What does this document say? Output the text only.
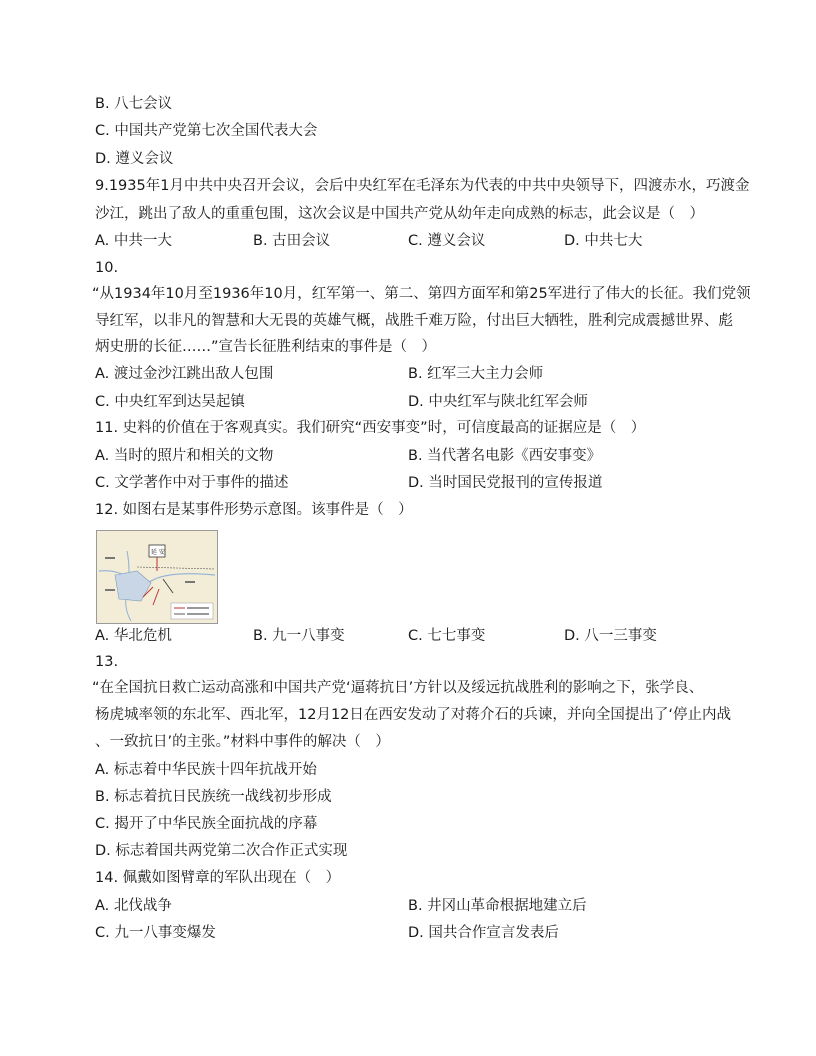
B. 八七会议
C. 中国共产党第七次全国代表大会
D. 遵义会议
9.1935年1月中共中央召开会议，会后中央红军在毛泽东为代表的中共中央领导下，四渡赤水，巧渡金
沙江，跳出了敌人的重重包围，这次会议是中国共产党从幼年走向成熟的标志，此会议是（　）
A. 中共一大	B. 古田会议	C. 遵义会议	D. 中共七大
10.
“从1934年10月至1936年10月，红军第一、第二、第四方面军和第25军进行了伟大的长征。我们党领
导红军，以非凡的智慧和大无畏的英雄气概，战胜千难万险，付出巨大牺牲，胜利完成震撼世界、彪
炳史册的长征……”宣告长征胜利结束的事件是（　）
A. 渡过金沙江跳出敌人包围	B. 红军三大主力会师
C. 中央红军到达吴起镇	D. 中央红军与陕北红军会师
11. 史料的价值在于客观真实。我们研究“西安事变”时，可信度最高的证据应是（　）
A. 当时的照片和相关的文物	B. 当代著名电影《西安事变》
C. 文学著作中对于事件的描述	D. 当时国民党报刊的宣传报道
12. 如图右是某事件形势示意图。该事件是（　）
延 安
A. 华北危机	B. 九一八事变	C. 七七事变	D. 八一三事变
13.
“在全国抗日救亡运动高涨和中国共产党‘逼蒋抗日’方针以及绥远抗战胜利的影响之下，张学良、
杨虎城率领的东北军、西北军，12月12日在西安发动了对蒋介石的兵谏，并向全国提出了‘停止内战
、一致抗日’的主张。”材料中事件的解决（　）
A. 标志着中华民族十四年抗战开始
B. 标志着抗日民族统一战线初步形成
C. 揭开了中华民族全面抗战的序幕
D. 标志着国共两党第二次合作正式实现
14. 佩戴如图臂章的军队出现在（　）
A. 北伐战争	B. 井冈山革命根据地建立后
C. 九一八事变爆发	D. 国共合作宣言发表后
